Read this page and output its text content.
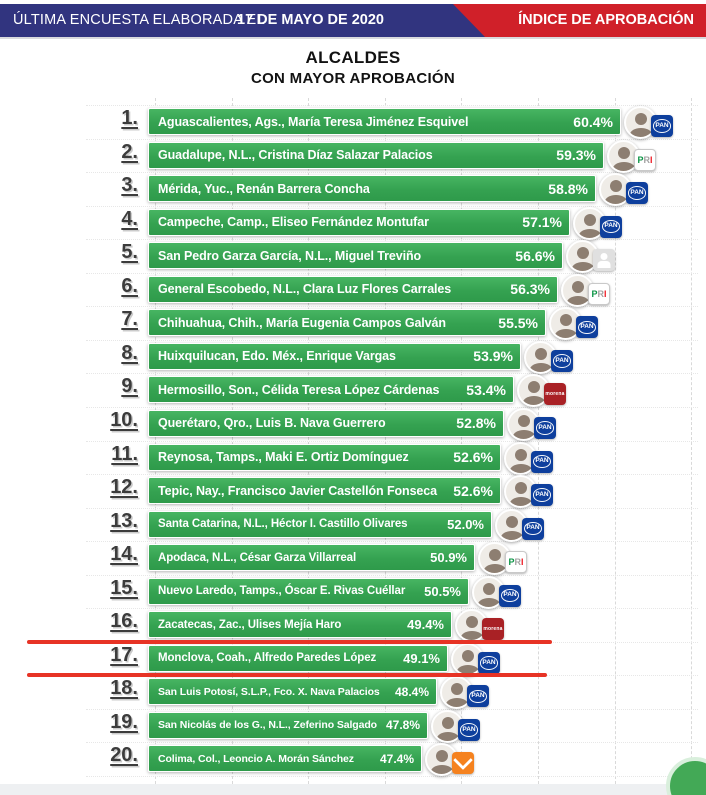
ÚLTIMA ENCUESTA ELABORADA EL
17 DE MAYO DE 2020	ÍNDICE DE APROBACIÓN
ALCALDES
CON MAYOR APROBACIÓN
1.	Aguascalientes, Ags., María Teresa Jiménez Esquivel	60.4%	PAN
2.	Guadalupe, N.L., Cristina Díaz Salazar Palacios	59.3%	P R I
3.	Mérida, Yuc., Renán Barrera Concha	58.8%	PAN
4.	Campeche, Camp., Eliseo Fernández Montufar	57.1%	PAN
5.	San Pedro Garza García, N.L., Miguel Treviño	56.6%
6.	General Escobedo, N.L., Clara Luz Flores Carrales	56.3%	P R I
7.	Chihuahua, Chih., María Eugenia Campos Galván	55.5%	PAN
8.	Huixquilucan, Edo. Méx., Enrique Vargas	53.9%	PAN
9.	Hermosillo, Son., Célida Teresa López Cárdenas 53.4%	morena
10.	Querétaro, Qro., Luis B. Nava Guerrero	52.8%	PAN
11.	Reynosa, Tamps., Maki E. Ortiz Domínguez	52.6%	PAN
12.	Tepic, Nay., Francisco Javier Castellón Fonseca 52.6%	PAN
13.	Santa Catarina, N.L., Héctor I. Castillo Olivares	52.0%	PAN
14.	Apodaca, N.L., César Garza Villarreal	50.9%	P R I
15.	Nuevo Laredo, Tamps., Óscar E. Rivas Cuéllar 50.5%	PAN
16.	Zacatecas, Zac., Ulises Mejía Haro	49.4%	morena
17.	Monclova, Coah., Alfredo Paredes López 49.1%	PAN
18.	San Luis Potosí, S.L.P., Fco. X. Nava Palacios 48.4%	PAN
19.	San Nicolás de los G., N.L., Zeferino Salgado 47.8%	PAN
20.	Colima, Col., Leoncio A. Morán Sánchez 47.4%
